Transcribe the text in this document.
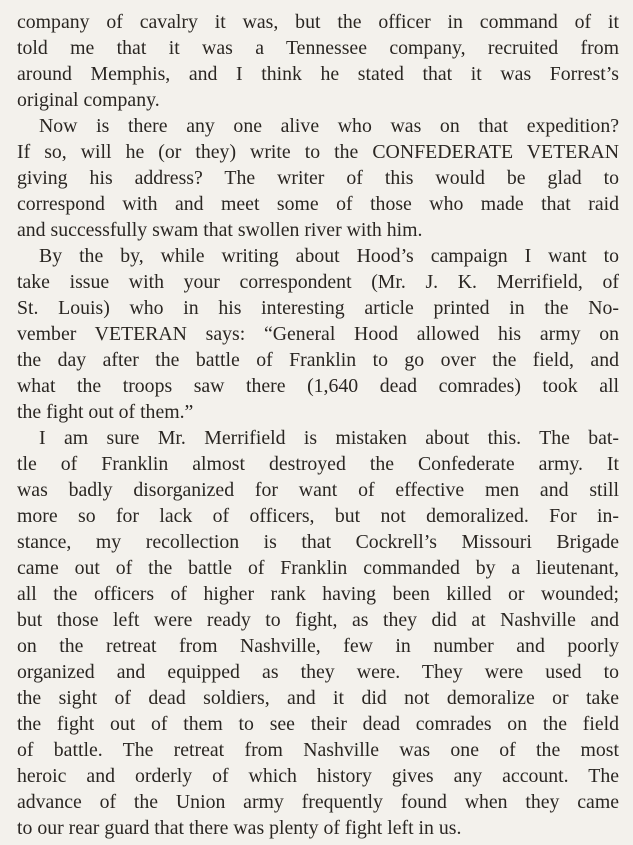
company of cavalry it was, but the officer in command of it
told me that it was a Tennessee company, recruited from
around Memphis, and I think he stated that it was Forrest’s
original company.
Now is there any one alive who was on that expedition?
If so, will he (or they) write to the CONFEDERATE VETERAN
giving his address? The writer of this would be glad to
correspond with and meet some of those who made that raid
and successfully swam that swollen river with him.
By the by, while writing about Hood’s campaign I want to
take issue with your correspondent (Mr. J. K. Merrifield, of
St. Louis) who in his interesting article printed in the No-
vember VETERAN says: “General Hood allowed his army on
the day after the battle of Franklin to go over the field, and
what the troops saw there (1,640 dead comrades) took all
the fight out of them.”
I am sure Mr. Merrifield is mistaken about this. The bat-
tle of Franklin almost destroyed the Confederate army. It
was badly disorganized for want of effective men and still
more so for lack of officers, but not demoralized. For in-
stance, my recollection is that Cockrell’s Missouri Brigade
came out of the battle of Franklin commanded by a lieutenant,
all the officers of higher rank having been killed or wounded;
but those left were ready to fight, as they did at Nashville and
on the retreat from Nashville, few in number and poorly
organized and equipped as they were. They were used to
the sight of dead soldiers, and it did not demoralize or take
the fight out of them to see their dead comrades on the field
of battle. The retreat from Nashville was one of the most
heroic and orderly of which history gives any account. The
advance of the Union army frequently found when they came
to our rear guard that there was plenty of fight left in us.
